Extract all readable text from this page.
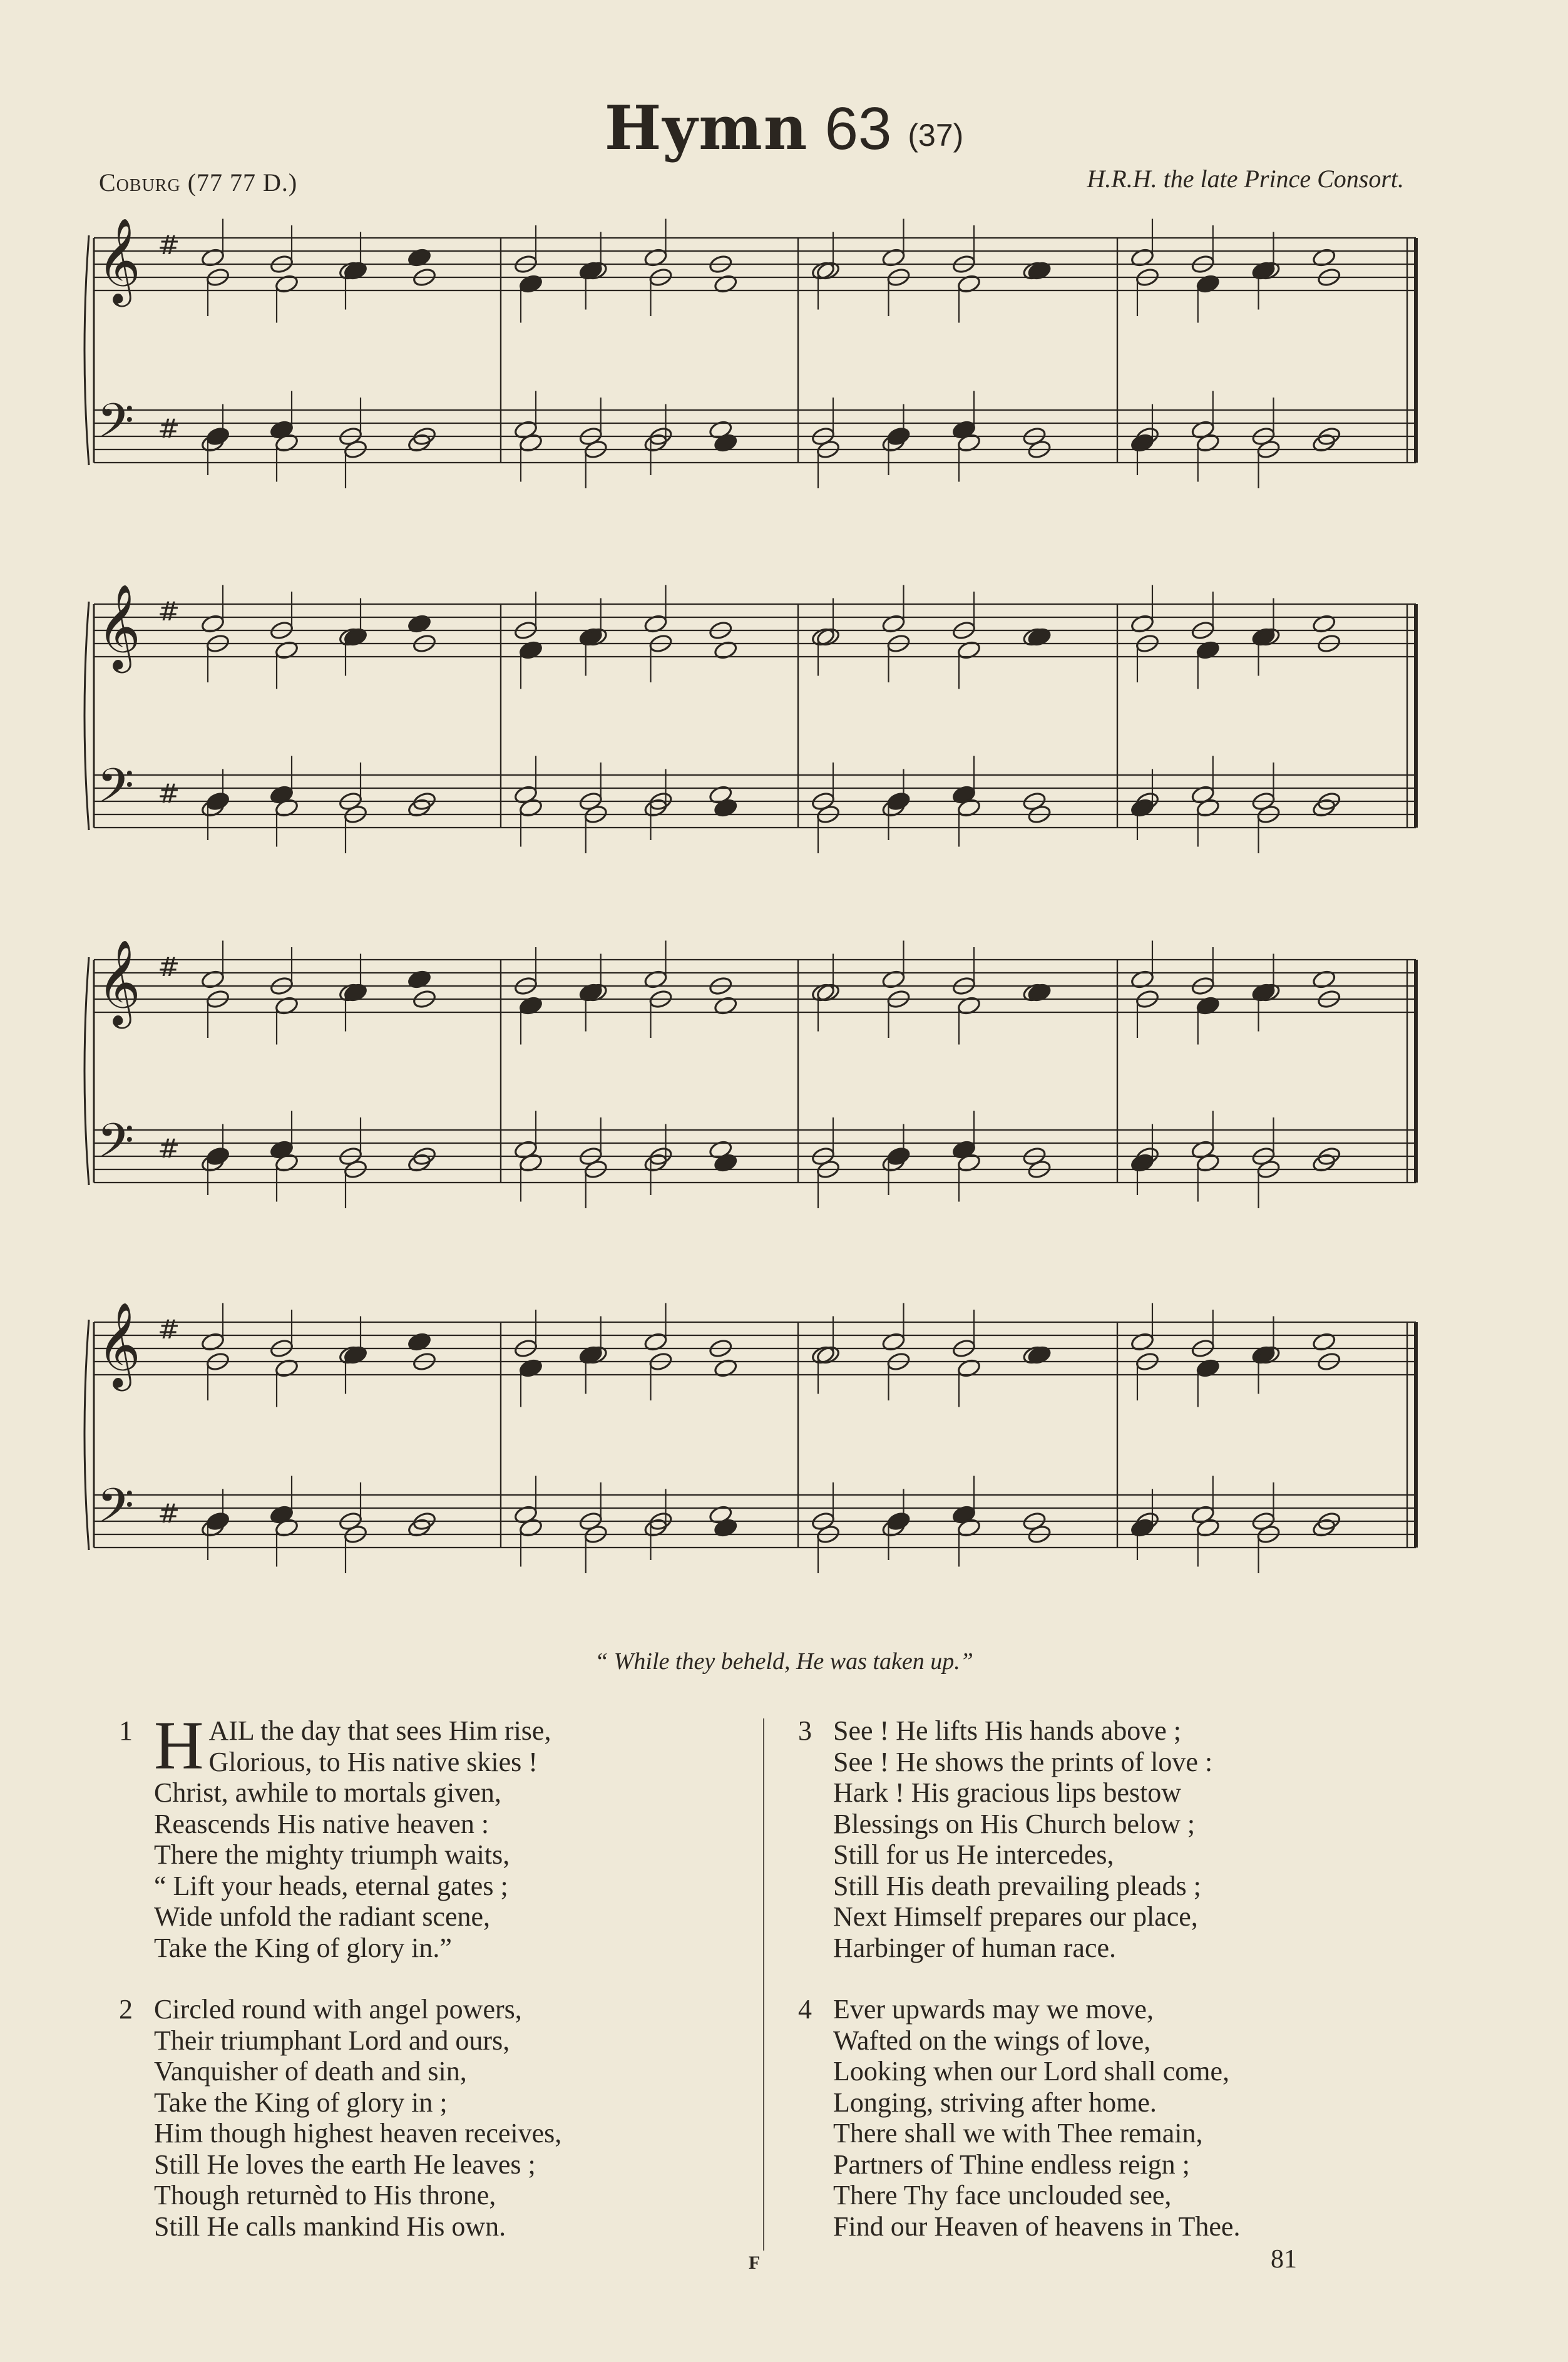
Hymn 63 (37)
Coburg (77 77 D.)	H.R.H. the late Prince Consort.
𝄞 #
𝄢 #
𝄞 #
𝄢 #
𝄞 #
𝄢 #
𝄞 #
𝄢 #
“ While they beheld, He was taken up.”
1 H AIL the day that sees Him rise,
Glorious, to His native skies !
Christ, awhile to mortals given,
Reascends His native heaven :
There the mighty triumph waits,
“ Lift your heads, eternal gates ;
Wide unfold the radiant scene,
Take the King of glory in.”
2 Circled round with angel powers,
Their triumphant Lord and ours,
Vanquisher of death and sin,
Take the King of glory in ;
Him though highest heaven receives,
Still He loves the earth He leaves ;
Though returnèd to His throne,
Still He calls mankind His own.
3 See ! He lifts His hands above ;
See ! He shows the prints of love :
Hark ! His gracious lips bestow
Blessings on His Church below ;
Still for us He intercedes,
Still His death prevailing pleads ;
Next Himself prepares our place,
Harbinger of human race.
4 Ever upwards may we move,
Wafted on the wings of love,
Looking when our Lord shall come,
Longing, striving after home.
There shall we with Thee remain,
Partners of Thine endless reign ;
There Thy face unclouded see,
Find our Heaven of heavens in Thee.
F	81
